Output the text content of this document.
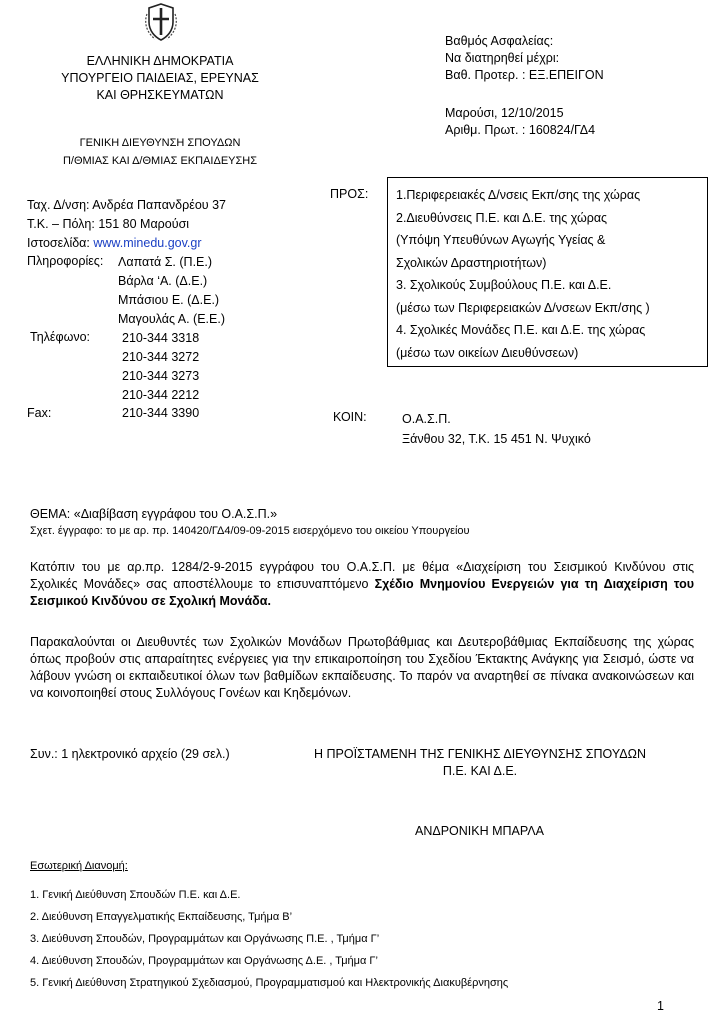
ΕΛΛΗΝΙΚΗ ΔΗΜΟΚΡΑΤΙΑ
ΥΠΟΥΡΓΕΙΟ ΠΑΙΔΕΙΑΣ, ΕΡΕΥΝΑΣ
ΚΑΙ ΘΡΗΣΚΕΥΜΑΤΩΝ
ΓΕΝΙΚΗ ΔΙΕΥΘΥΝΣΗ ΣΠΟΥΔΩΝ
Π/ΘΜΙΑΣ ΚΑΙ Δ/ΘΜΙΑΣ ΕΚΠΑΙΔΕΥΣΗΣ
Βαθμός Ασφαλείας:
Να διατηρηθεί μέχρι:
Βαθ. Προτερ. : ΕΞ.ΕΠΕΙΓΟΝ
Μαρούσι, 12/10/2015
Αριθμ. Πρωτ. : 160824/ΓΔ4
Ταχ. Δ/νση: Ανδρέα Παπανδρέου 37
Τ.Κ. – Πόλη: 151 80 Μαρούσι
Ιστοσελίδα: www.minedu.gov.gr
Πληροφορίες: Λαπατά Σ. (Π.Ε.)
Βάρλα ‘Α. (Δ.Ε.)
Μπάσιου Ε. (Δ.Ε.)
Μαγουλάς Α. (Ε.Ε.)
Τηλέφωνο:	210-344 3318
210-344 3272
210-344 3273
210-344 2212
Fax:	210-344 3390
ΠΡΟΣ: 1.Περιφερειακές Δ/νσεις Εκπ/σης της χώρας
2.Διευθύνσεις Π.Ε. και Δ.Ε. της χώρας
(Υπόψη Υπευθύνων Αγωγής Υγείας &
Σχολικών Δραστηριοτήτων)
3. Σχολικούς Συμβούλους Π.Ε. και Δ.Ε.
(μέσω των Περιφερειακών Δ/νσεων Εκπ/σης )
4. Σχολικές Μονάδες Π.Ε. και Δ.Ε. της χώρας
(μέσω των οικείων Διευθύνσεων)
ΚΟΙΝ:	Ο.Α.Σ.Π.
Ξάνθου 32, Τ.Κ. 15 451 Ν. Ψυχικό
ΘΕΜΑ: «Διαβίβαση εγγράφου του Ο.Α.Σ.Π.»
Σχετ. έγγραφο: το με αρ. πρ. 140420/ΓΔ4/09-09-2015 εισερχόμενο του οικείου Υπουργείου
Κατόπιν του με αρ.πρ. 1284/2-9-2015 εγγράφου του Ο.Α.Σ.Π. με θέμα «Διαχείριση του Σεισμικού Κινδύνου στις Σχολικές Μονάδες» σας αποστέλλουμε το επισυναπτόμενο Σχέδιο Μνημονίου Ενεργειών για τη Διαχείριση του Σεισμικού Κινδύνου σε Σχολική Μονάδα.
Παρακαλούνται οι Διευθυντές των Σχολικών Μονάδων Πρωτοβάθμιας και Δευτεροβάθμιας Εκπαίδευσης της χώρας όπως προβούν στις απαραίτητες ενέργειες για την επικαιροποίηση του Σχεδίου Έκτακτης Ανάγκης για Σεισμό, ώστε να λάβουν γνώση οι εκπαιδευτικοί όλων των βαθμίδων εκπαίδευσης. Το παρόν να αναρτηθεί σε πίνακα ανακοινώσεων και να κοινοποιηθεί στους Συλλόγους Γονέων και Κηδεμόνων.
Συν.: 1 ηλεκτρονικό αρχείο (29 σελ.)	Η ΠΡΟΪΣΤΑΜΕΝΗ ΤΗΣ ΓΕΝΙΚΗΣ ΔΙΕΥΘΥΝΣΗΣ ΣΠΟΥΔΩΝ
Π.Ε. ΚΑΙ Δ.Ε.
ΑΝΔΡΟΝΙΚΗ ΜΠΑΡΛΑ
Εσωτερική Διανομή:
1. Γενική Διεύθυνση Σπουδών Π.Ε. και Δ.Ε.
2. Διεύθυνση Επαγγελματικής Εκπαίδευσης, Τμήμα Β’
3. Διεύθυνση Σπουδών, Προγραμμάτων και Οργάνωσης Π.Ε. , Τμήμα Γ’
4. Διεύθυνση Σπουδών, Προγραμμάτων και Οργάνωσης Δ.Ε. , Τμήμα Γ’
5. Γενική Διεύθυνση Στρατηγικού Σχεδιασμού, Προγραμματισμού και Ηλεκτρονικής Διακυβέρνησης
1
